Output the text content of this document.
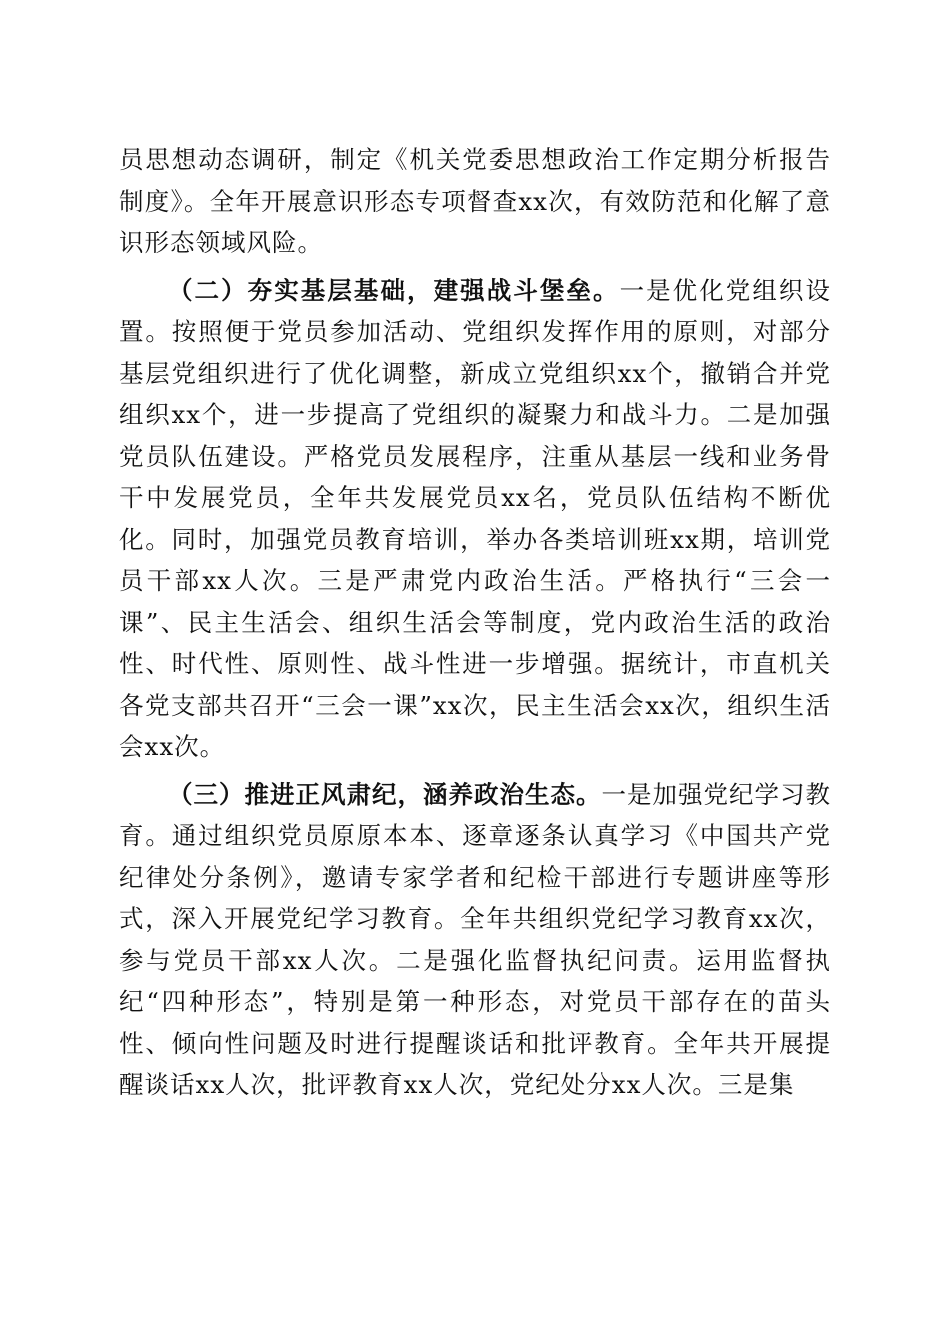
员思想动态调研，制定《机关党委思想政治工作定期分析报告制度》。全年开展意识形态专项督查xx次，有效防范和化解了意识形态领域风险。

（二）夯实基层基础，建强战斗堡垒。一是优化党组织设置。按照便于党员参加活动、党组织发挥作用的原则，对部分基层党组织进行了优化调整，新成立党组织xx个，撤销合并党组织xx个，进一步提高了党组织的凝聚力和战斗力。二是加强党员队伍建设。严格党员发展程序，注重从基层一线和业务骨干中发展党员，全年共发展党员xx名，党员队伍结构不断优化。同时，加强党员教育培训，举办各类培训班xx期，培训党员干部xx人次。三是严肃党内政治生活。严格执行“三会一课”、民主生活会、组织生活会等制度，党内政治生活的政治性、时代性、原则性、战斗性进一步增强。据统计，市直机关各党支部共召开“三会一课”xx次，民主生活会xx次，组织生活会xx次。

（三）推进正风肃纪，涵养政治生态。一是加强党纪学习教育。通过组织党员原原本本、逐章逐条认真学习《中国共产党纪律处分条例》，邀请专家学者和纪检干部进行专题讲座等形式，深入开展党纪学习教育。全年共组织党纪学习教育xx次，参与党员干部xx人次。二是强化监督执纪问责。运用监督执纪“四种形态”，特别是第一种形态，对党员干部存在的苗头性、倾向性问题及时进行提醒谈话和批评教育。全年共开展提醒谈话xx人次，批评教育xx人次，党纪处分xx人次。三是集
